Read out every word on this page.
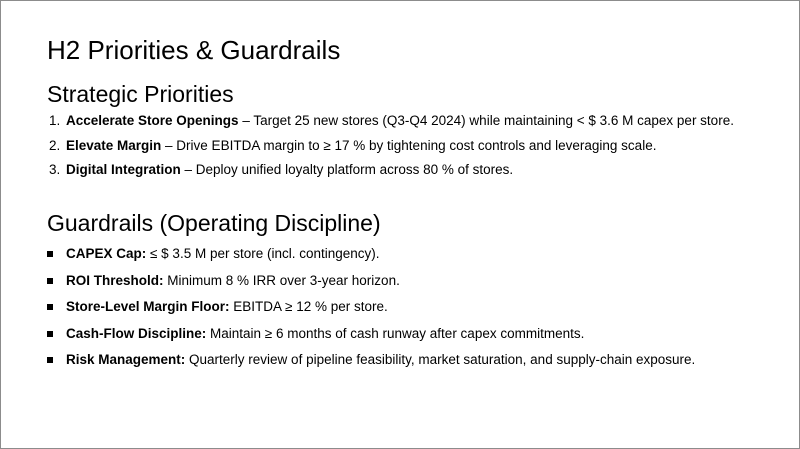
H2 Priorities & Guardrails
Strategic Priorities
1. Accelerate Store Openings – Target 25 new stores (Q3-Q4 2024) while maintaining < $ 3.6 M capex per store.
2. Elevate Margin – Drive EBITDA margin to ≥ 17 % by tightening cost controls and leveraging scale.
3. Digital Integration – Deploy unified loyalty platform across 80 % of stores.
Guardrails (Operating Discipline)
CAPEX Cap: ≤ $ 3.5 M per store (incl. contingency).
ROI Threshold: Minimum 8 % IRR over 3-year horizon.
Store-Level Margin Floor: EBITDA ≥ 12 % per store.
Cash-Flow Discipline: Maintain ≥ 6 months of cash runway after capex commitments.
Risk Management: Quarterly review of pipeline feasibility, market saturation, and supply-chain exposure.
